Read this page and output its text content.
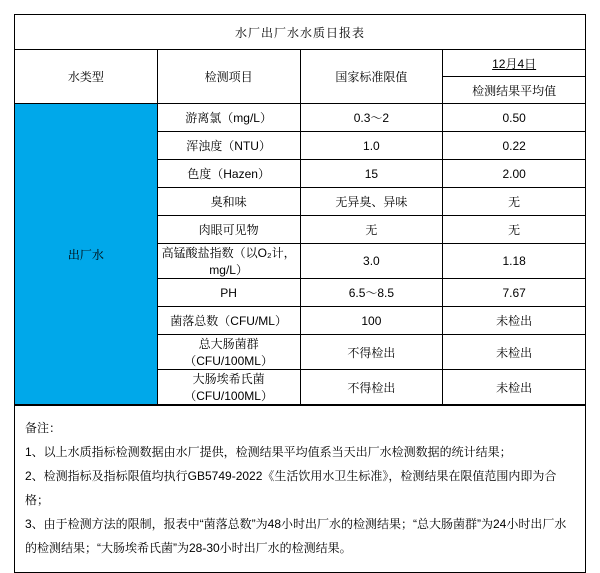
水厂出厂水水质日报表			
水类型	检测项目	国家标准限值	12月4日
			检测结果平均值
出厂水	游离氯（mg/L）	0.3～2	0.50
	浑浊度（NTU）	1.0	0.22
	色度（Hazen）	15	2.00
	臭和味	无异臭、异味	无
	肉眼可见物	无	无
	高锰酸盐指数（以O₂计，mg/L）	3.0	1.18
	PH	6.5～8.5	7.67
	菌落总数（CFU/ML）	100	未检出
	总大肠菌群（CFU/100ML）	不得检出	未检出
	大肠埃希氏菌（CFU/100ML）	不得检出	未检出
备注：
1、以上水质指标检测数据由水厂提供，检测结果平均值系当天出厂水检测数据的统计结果；
2、检测指标及指标限值均执行GB5749-2022《生活饮用水卫生标准》，检测结果在限值范围内即为合格；
3、由于检测方法的限制，报表中“菌落总数”为48小时出厂水的检测结果；“总大肠菌群”为24小时出厂水的检测结果；“大肠埃希氏菌”为28-30小时出厂水的检测结果。
